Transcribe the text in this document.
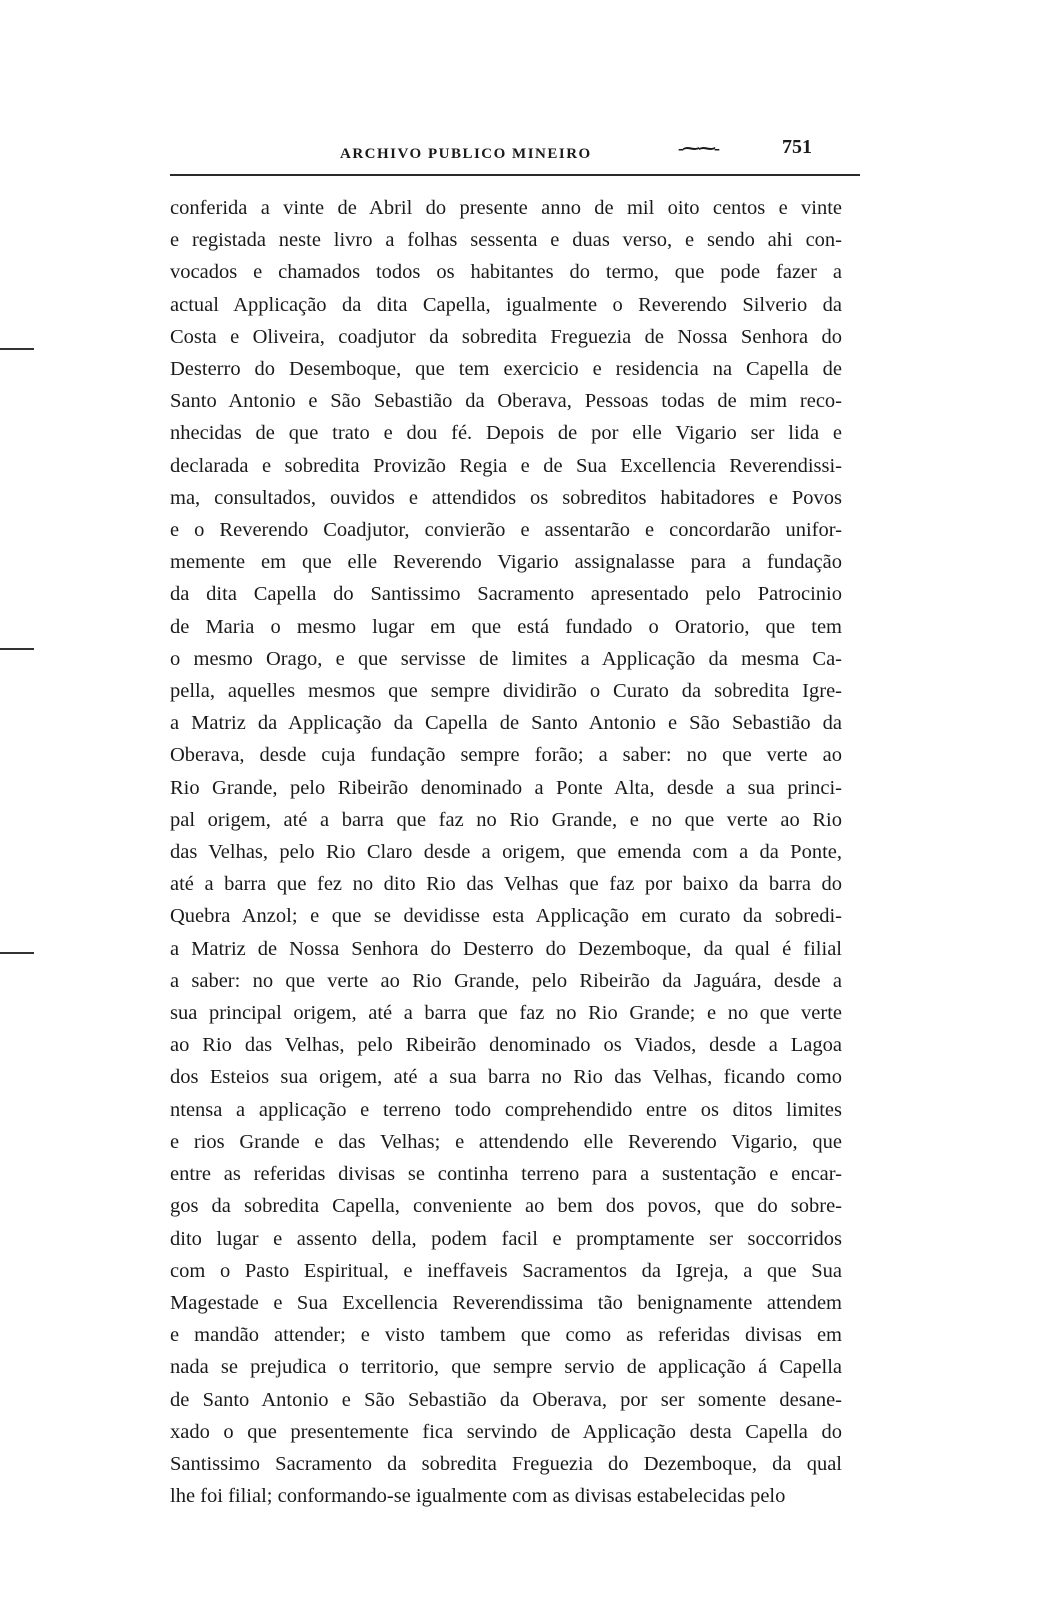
ARCHIVO PUBLICO MINEIRO	-⁓⁓-	751
conferida a vinte de Abril do presente anno de mil oito centos e vinte
e registada neste livro a folhas sessenta e duas verso, e sendo ahi con-
vocados e chamados todos os habitantes do termo, que pode fazer a
actual Applicação da dita Capella, igualmente o Reverendo Silverio da
Costa e Oliveira, coadjutor da sobredita Freguezia de Nossa Senhora do
Desterro do Desemboque, que tem exercicio e residencia na Capella de
Santo Antonio e São Sebastião da Oberava, Pessoas todas de mim reco-
nhecidas de que trato e dou fé. Depois de por elle Vigario ser lida e
declarada e sobredita Provizão Regia e de Sua Excellencia Reverendissi-
ma, consultados, ouvidos e attendidos os sobreditos habitadores e Povos
e o Reverendo Coadjutor, convierão e assentarão e concordarão unifor-
memente em que elle Reverendo Vigario assignalasse para a fundação
da dita Capella do Santissimo Sacramento apresentado pelo Patrocinio
de Maria o mesmo lugar em que está fundado o Oratorio, que tem
o mesmo Orago, e que servisse de limites a Applicação da mesma Ca-
pella, aquelles mesmos que sempre dividirão o Curato da sobredita Igre-
a Matriz da Applicação da Capella de Santo Antonio e São Sebastião da
Oberava, desde cuja fundação sempre forão; a saber: no que verte ao
Rio Grande, pelo Ribeirão denominado a Ponte Alta, desde a sua princi-
pal origem, até a barra que faz no Rio Grande, e no que verte ao Rio
das Velhas, pelo Rio Claro desde a origem, que emenda com a da Ponte,
até a barra que fez no dito Rio das Velhas que faz por baixo da barra do
Quebra Anzol; e que se devidisse esta Applicação em curato da sobredi-
a Matriz de Nossa Senhora do Desterro do Dezemboque, da qual é filial
a saber: no que verte ao Rio Grande, pelo Ribeirão da Jaguára, desde a
sua principal origem, até a barra que faz no Rio Grande; e no que verte
ao Rio das Velhas, pelo Ribeirão denominado os Viados, desde a Lagoa
dos Esteios sua origem, até a sua barra no Rio das Velhas, ficando como
ntensa a applicação e terreno todo comprehendido entre os ditos limites
e rios Grande e das Velhas; e attendendo elle Reverendo Vigario, que
entre as referidas divisas se continha terreno para a sustentação e encar-
gos da sobredita Capella, conveniente ao bem dos povos, que do sobre-
dito lugar e assento della, podem facil e promptamente ser soccorridos
com o Pasto Espiritual, e ineffaveis Sacramentos da Igreja, a que Sua
Magestade e Sua Excellencia Reverendissima tão benignamente attendem
e mandão attender; e visto tambem que como as referidas divisas em
nada se prejudica o territorio, que sempre servio de applicação á Capella
de Santo Antonio e São Sebastião da Oberava, por ser somente desane-
xado o que presentemente fica servindo de Applicação desta Capella do
Santissimo Sacramento da sobredita Freguezia do Dezemboque, da qual
lhe foi filial; conformando-se igualmente com as divisas estabelecidas pelo
